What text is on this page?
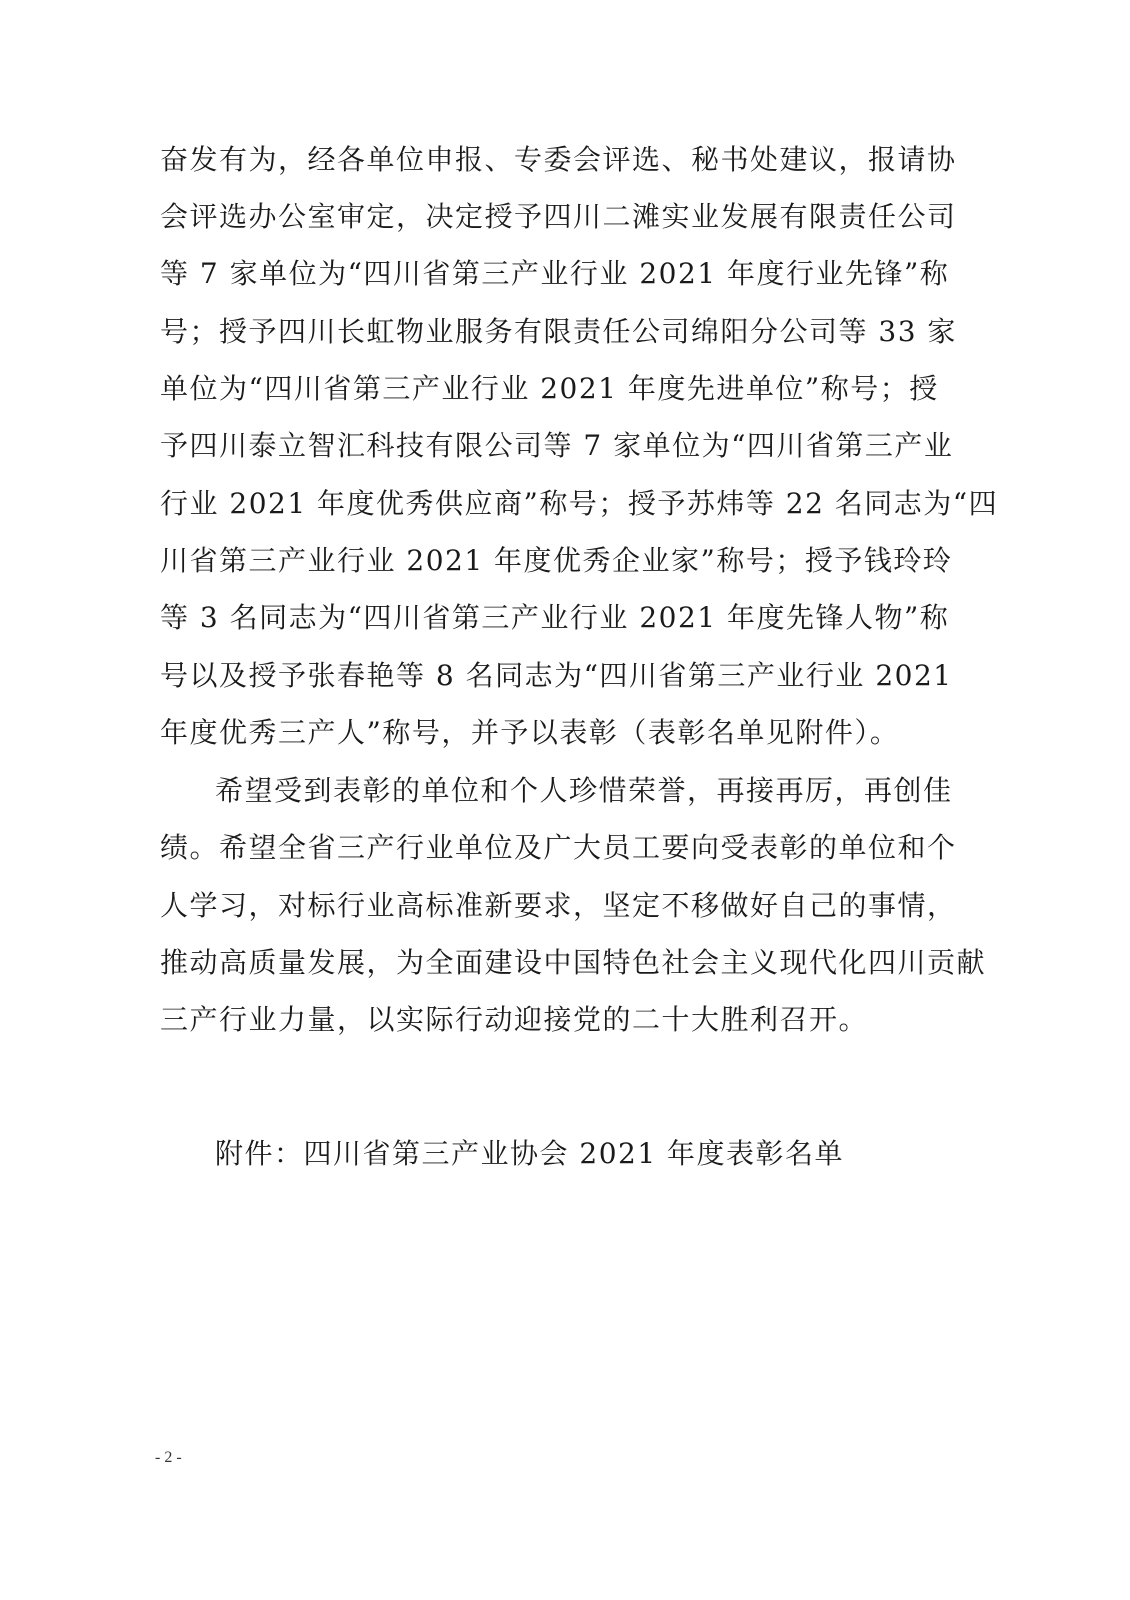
奋发有为，经各单位申报、专委会评选、秘书处建议，报请协
会评选办公室审定，决定授予四川二滩实业发展有限责任公司
等 7 家单位为“四川省第三产业行业 2021 年度行业先锋”称
号；授予四川长虹物业服务有限责任公司绵阳分公司等 33 家
单位为“四川省第三产业行业 2021 年度先进单位”称号；授
予四川泰立智汇科技有限公司等 7 家单位为“四川省第三产业
行业 2021 年度优秀供应商”称号；授予苏炜等 22 名同志为“四
川省第三产业行业 2021 年度优秀企业家”称号；授予钱玲玲
等 3 名同志为“四川省第三产业行业 2021 年度先锋人物”称
号以及授予张春艳等 8 名同志为“四川省第三产业行业 2021
年度优秀三产人”称号，并予以表彰（表彰名单见附件）。
希望受到表彰的单位和个人珍惜荣誉，再接再厉，再创佳
绩。希望全省三产行业单位及广大员工要向受表彰的单位和个
人学习，对标行业高标准新要求，坚定不移做好自己的事情，
推动高质量发展，为全面建设中国特色社会主义现代化四川贡献
三产行业力量，以实际行动迎接党的二十大胜利召开。
附件：四川省第三产业协会 2021 年度表彰名单
- 2 -
